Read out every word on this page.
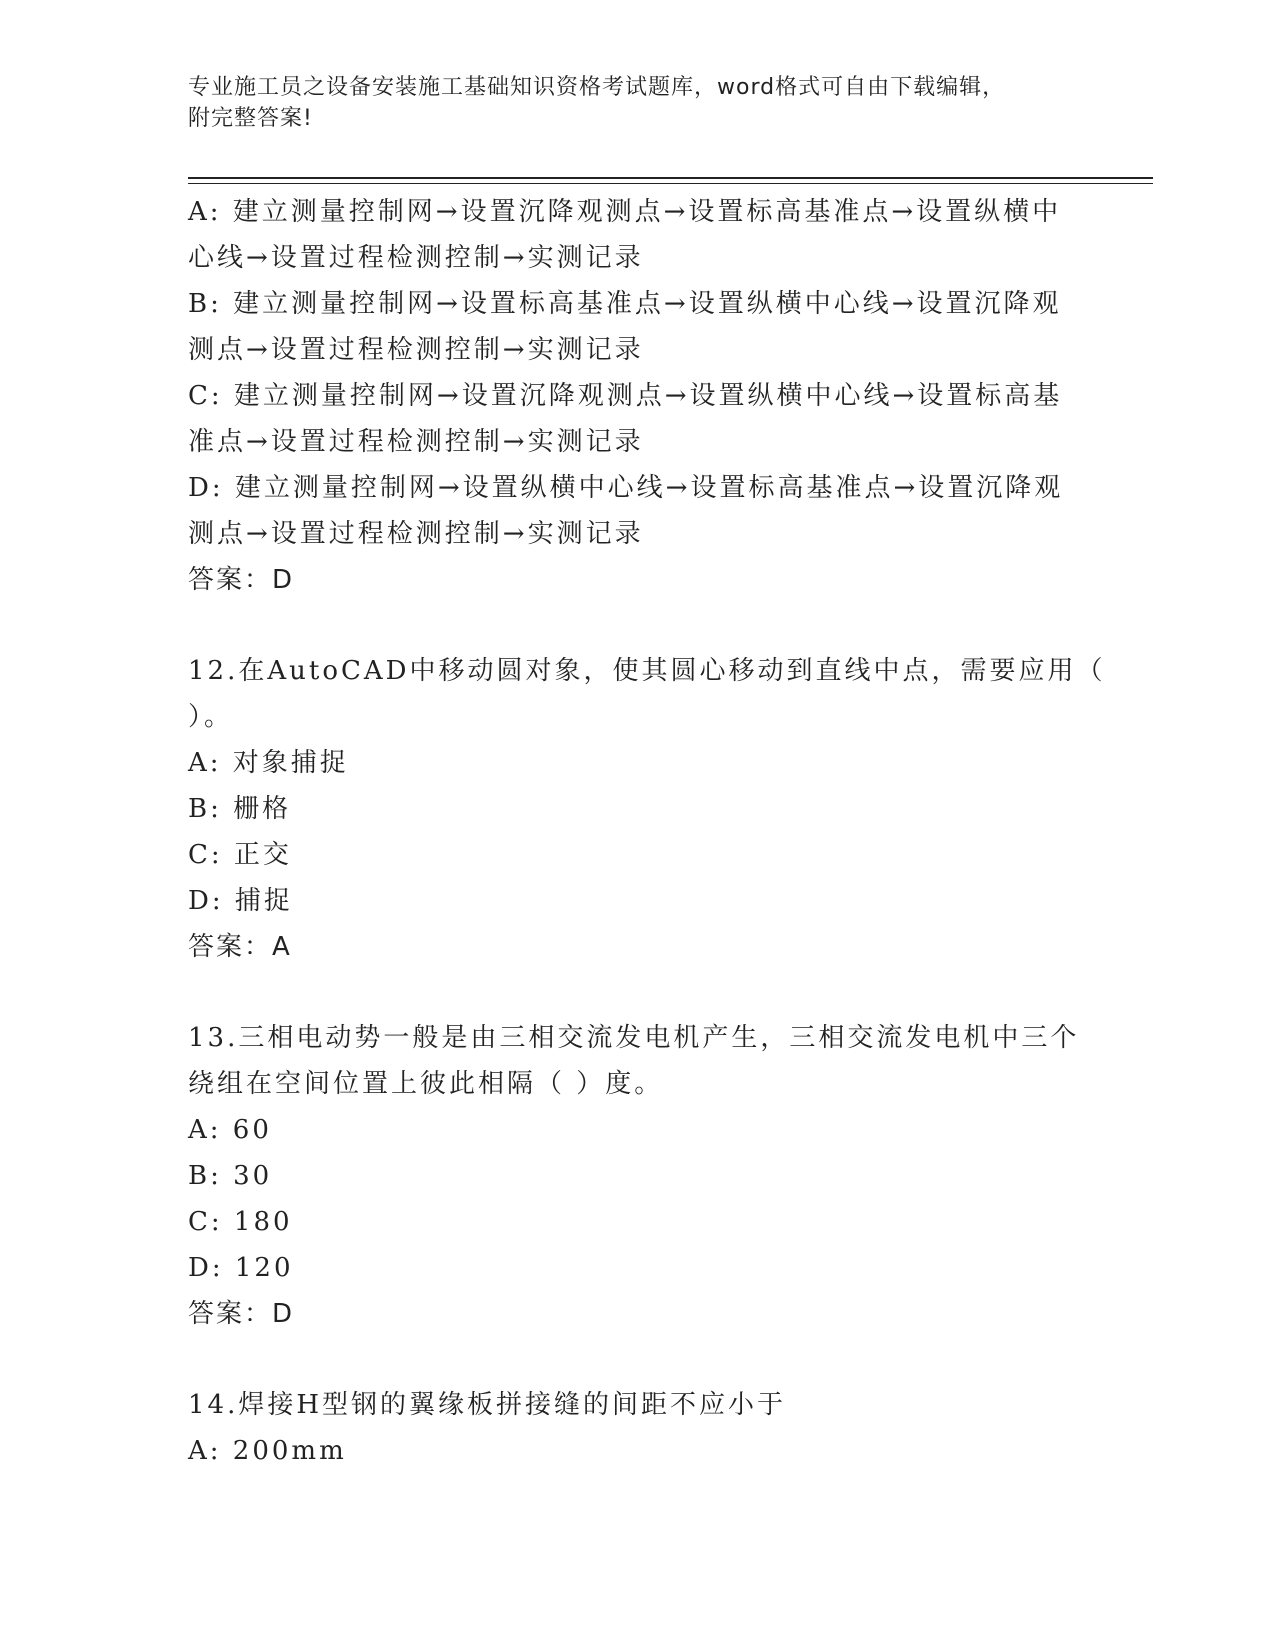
专业施工员之设备安装施工基础知识资格考试题库，word格式可自由下载编辑，
附完整答案!
A: 建立测量控制网→设置沉降观测点→设置标高基准点→设置纵横中
心线→设置过程检测控制→实测记录
B: 建立测量控制网→设置标高基准点→设置纵横中心线→设置沉降观
测点→设置过程检测控制→实测记录
C: 建立测量控制网→设置沉降观测点→设置纵横中心线→设置标高基
准点→设置过程检测控制→实测记录
D: 建立测量控制网→设置纵横中心线→设置标高基准点→设置沉降观
测点→设置过程检测控制→实测记录
答案：D
12.在AutoCAD中移动圆对象，使其圆心移动到直线中点，需要应用（
）。
A: 对象捕捉
B: 栅格
C: 正交
D: 捕捉
答案：A
13.三相电动势一般是由三相交流发电机产生，三相交流发电机中三个
绕组在空间位置上彼此相隔（ ）度。
A: 60
B: 30
C: 180
D: 120
答案：D
14.焊接H型钢的翼缘板拼接缝的间距不应小于
A: 200mm
